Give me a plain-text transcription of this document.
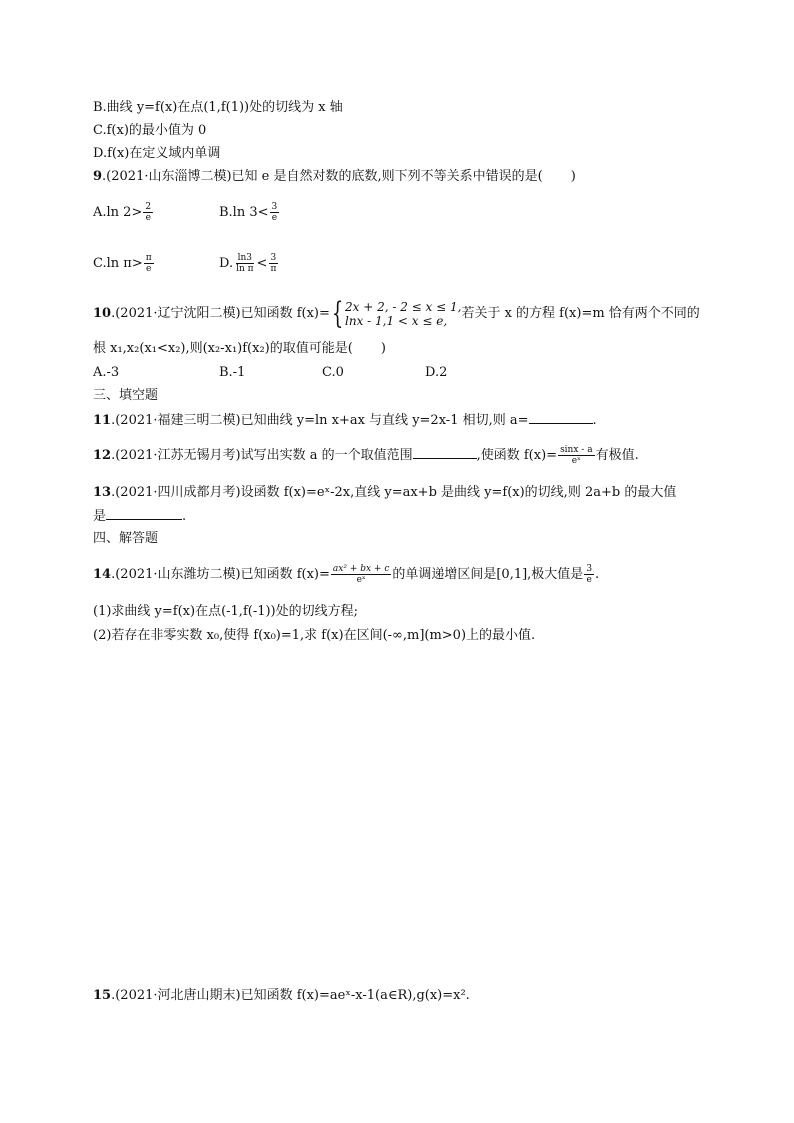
B.曲线 y=f(x)在点(1,f(1))处的切线为 x 轴
C.f(x)的最小值为 0
D.f(x)在定义域内单调
9.(2021·山东淄博二模)已知 e 是自然对数的底数,则下列不等关系中错误的是( )
A.ln $2> \frac{2}{e}$	B.ln $3< \frac{3}{e}$
C.ln $\pi> \frac{\pi}{e}$	D. $\frac{\ln 3}{\text{ln π}} < \frac{3}{\pi}$
10.(2021·辽宁沈阳二模)已知函数 f(x)= { 2x + 2, - 2 ≤ x ≤ 1,
lnx - 1,1 < x ≤ e,	若关于 x 的方程 f(x)=m 恰有两个不同的
根 x₁,x₂(x₁<x₂),则(x₂-x₁)f(x₂)的取值可能是( )
A.-3	B.-1	C.0	D.2
三、填空题
11.(2021·福建三明二模)已知曲线 y=ln x+ax 与直线 y=2x-1 相切,则 a=	.
12.(2021·江苏无锡月考)试写出实数 a 的一个取值范围	,使函数 $f(x)= \frac{\sin x - a}{\text{eˣ}}$ 有极值.
13.(2021·四川成都月考)设函数 f(x)=eˣ-2x,直线 y=ax+b 是曲线 y=f(x)的切线,则 2a+b 的最大值
是	.
四、解答题
14.(2021·山东潍坊二模)已知函数 $f(x)= \frac{\text{ax² + bx + c}}{\text{eˣ}}$ 的单调递增区间是[0,1],极大值是 $\frac{3}{e}$ .
(1)求曲线 y=f(x)在点(-1,f(-1))处的切线方程;
(2)若存在非零实数 x₀,使得 f(x₀)=1,求 f(x)在区间(-∞,m](m>0)上的最小值.
15.(2021·河北唐山期末)已知函数 f(x)=aeˣ-x-1(a∈R),g(x)=x².
